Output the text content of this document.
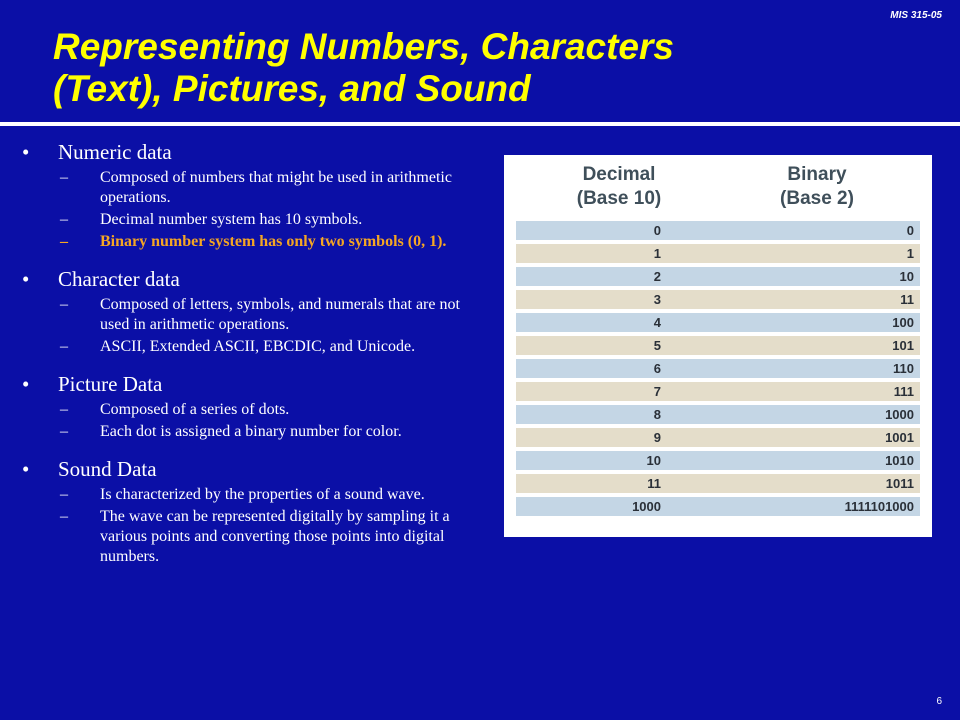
MIS 315-05
Representing Numbers, Characters
(Text), Pictures, and Sound
•	Numeric data
–	Composed of numbers that might be used in arithmetic operations.
–	Decimal number system has 10 symbols.
–	Binary number system has only two symbols (0, 1).
•	Character data
–	Composed of letters, symbols, and numerals that are not used in arithmetic operations.
–	ASCII, Extended ASCII, EBCDIC, and Unicode.
•	Picture Data
–	Composed of a series of dots.
–	Each dot is assigned a binary number for color.
•	Sound Data
–	Is characterized by the properties of a sound wave.
–	The wave can be represented digitally by sampling it a various points and converting those points into digital numbers.
Decimal
(Base 10)
Binary
(Base 2)
0	0
1	1
2	10
3	11
4	100
5	101
6	110
7	111
8	1000
9	1001
10	1010
11	1011
1000	1111101000
6
